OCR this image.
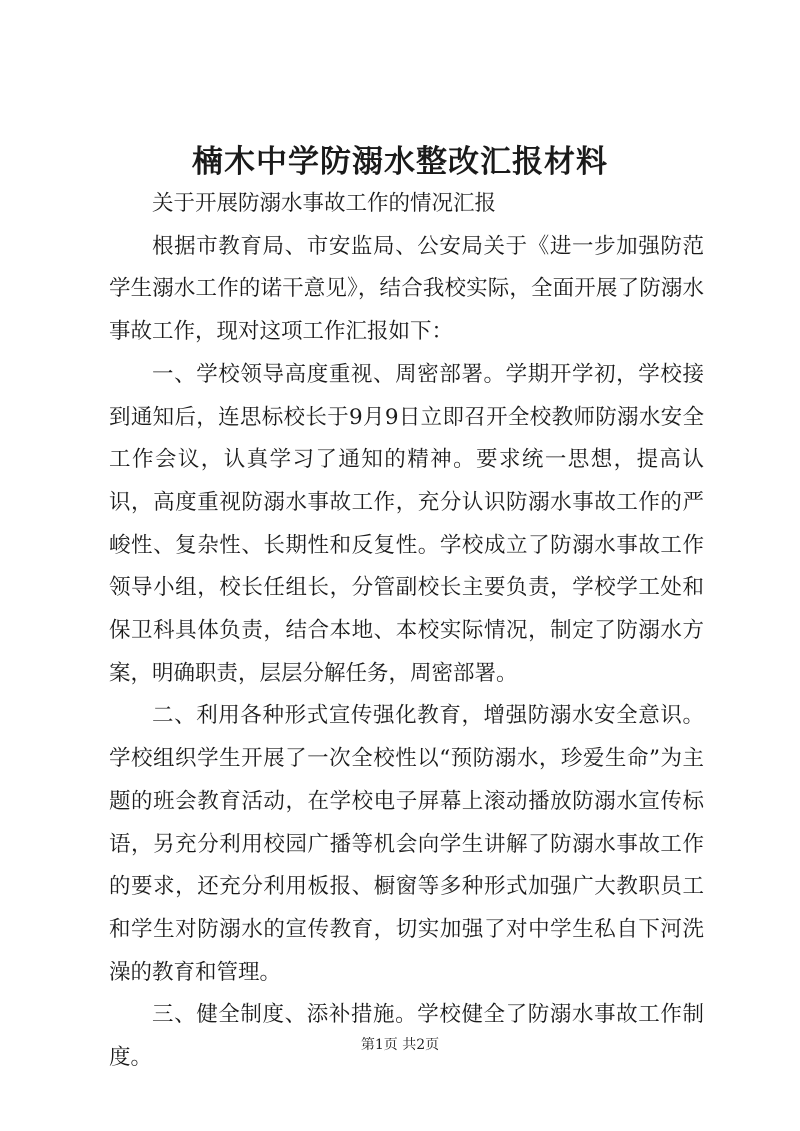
楠木中学防溺水整改汇报材料

关于开展防溺水事故工作的情况汇报

根据市教育局、市安监局、公安局关于《进一步加强防范学生溺水工作的诺干意见》，结合我校实际，全面开展了防溺水事故工作，现对这项工作汇报如下：

一、学校领导高度重视、周密部署。学期开学初，学校接到通知后，连思标校长于9月9日立即召开全校教师防溺水安全工作会议，认真学习了通知的精神。要求统一思想，提高认识，高度重视防溺水事故工作，充分认识防溺水事故工作的严峻性、复杂性、长期性和反复性。学校成立了防溺水事故工作领导小组，校长任组长，分管副校长主要负责，学校学工处和保卫科具体负责，结合本地、本校实际情况，制定了防溺水方案，明确职责，层层分解任务，周密部署。

二、利用各种形式宣传强化教育，增强防溺水安全意识。学校组织学生开展了一次全校性以“预防溺水，珍爱生命”为主题的班会教育活动，在学校电子屏幕上滚动播放防溺水宣传标语，另充分利用校园广播等机会向学生讲解了防溺水事故工作的要求，还充分利用板报、橱窗等多种形式加强广大教职员工和学生对防溺水的宣传教育，切实加强了对中学生私自下河洗澡的教育和管理。

三、健全制度、添补措施。学校健全了防溺水事故工作制度。

第1页 共2页
